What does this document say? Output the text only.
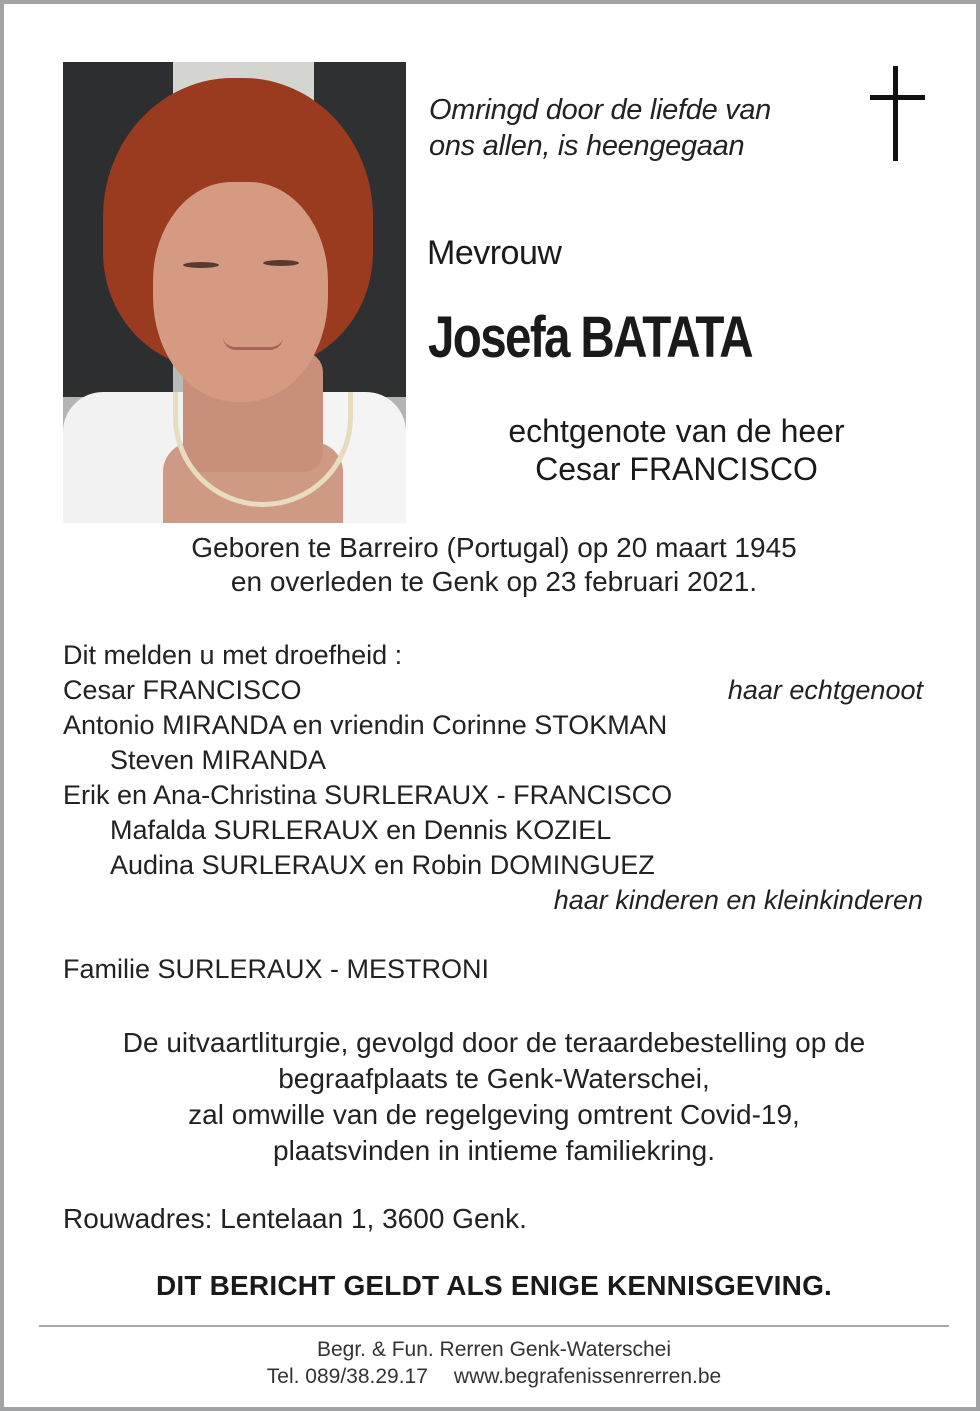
Omringd door de liefde van
ons allen, is heengegaan
Mevrouw
Josefa BATATA
echtgenote van de heer
Cesar FRANCISCO
Geboren te Barreiro (Portugal) op 20 maart 1945
en overleden te Genk op 23 februari 2021.
Dit melden u met droefheid :
Cesar FRANCISCO	haar echtgenoot
Antonio MIRANDA en vriendin Corinne STOKMAN
Steven MIRANDA
Erik en Ana-Christina SURLERAUX - FRANCISCO
Mafalda SURLERAUX en Dennis KOZIEL
Audina SURLERAUX en Robin DOMINGUEZ
haar kinderen en kleinkinderen
Familie SURLERAUX - MESTRONI
De uitvaartliturgie, gevolgd door de teraardebestelling op de
begraafplaats te Genk-Waterschei,
zal omwille van de regelgeving omtrent Covid-19,
plaatsvinden in intieme familiekring.
Rouwadres: Lentelaan 1, 3600 Genk.
DIT BERICHT GELDT ALS ENIGE KENNISGEVING.
Begr. & Fun. Rerren Genk-Waterschei
Tel. 089/38.29.17 www.begrafenissenrerren.be
